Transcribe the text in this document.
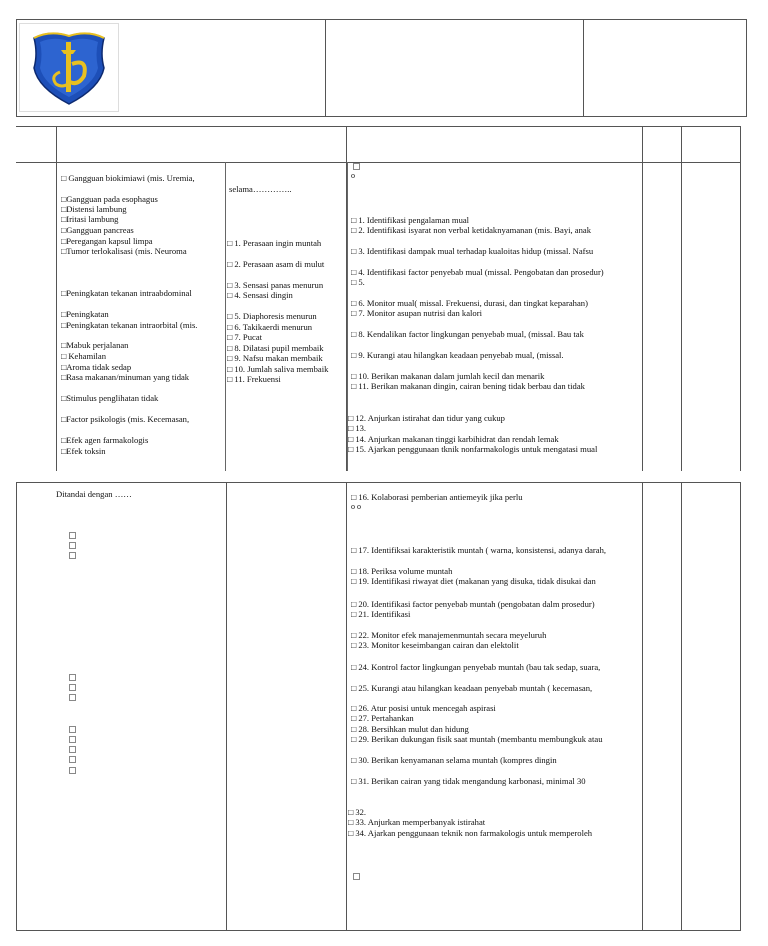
□ Gangguan biokimiawi (mis. Uremia,
□Gangguan pada esophagus
□Distensi lambung
□Iritasi lambung
□Gangguan pancreas
□Peregangan kapsul limpa
□Tumor terlokalisasi (mis. Neuroma
□Peningkatan tekanan intraabdominal
□Peningkatan
□Peningkatan tekanan intraorbital (mis.
□Mabuk perjalanan
□ Kehamilan
□Aroma tidak sedap
□Rasa makanan/minuman yang tidak
□Stimulus penglihatan tidak
□Factor psikologis (mis. Kecemasan,
□Efek agen farmakologis
□Efek toksin
selama…………..
□ 1. Perasaan ingin muntah
□ 2. Perasaan asam di mulut
□ 3. Sensasi panas menurun
□ 4. Sensasi dingin
□ 5. Diaphoresis menurun
□ 6. Takikaerdi menurun
□ 7. Pucat
□ 8. Dilatasi pupil membaik
□ 9. Nafsu makan membaik
□ 10. Jumlah saliva membaik
□ 11. Frekuensi
o
□ 1. Identifikasi pengalaman mual
□ 2. Identifikasi isyarat non verbal ketidaknyamanan (mis. Bayi, anak
□ 3. Identifikasi dampak mual terhadap kualoitas hidup (missal. Nafsu
□ 4. Identifikasi factor penyebab mual (missal. Pengobatan dan prosedur)
□ 5.
□ 6. Monitor mual( missal. Frekuensi, durasi, dan tingkat keparahan)
□ 7. Monitor asupan nutrisi dan kalori
□ 8. Kendalikan factor lingkungan penyebab mual, (missal. Bau tak
□ 9. Kurangi atau hilangkan keadaan penyebab mual, (missal.
□ 10. Berikan makanan dalam jumlah kecil dan menarik
□ 11. Berikan makanan dingin, cairan bening tidak berbau dan tidak
□ 12. Anjurkan istirahat dan tidur yang cukup
□ 13.
□ 14. Anjurkan makanan tinggi karbihidrat dan rendah lemak
□ 15. Ajarkan penggunaan tknik nonfarmakologis untuk mengatasi mual
Ditandai dengan ……	□ 16. Kolaborasi pemberian antiemeyik jika perlu
o o
□ 17. Identifiksai karakteristik muntah ( warna, konsistensi, adanya darah,
□ 18. Periksa volume muntah
□ 19. Identifikasi riwayat diet (makanan yang disuka, tidak disukai dan
□ 20. Identifikasi factor penyebab muntah (pengobatan dalm prosedur)
□ 21. Identifikasi
□ 22. Monitor efek manajemenmuntah secara meyeluruh
□ 23. Monitor keseimbangan cairan dan elektolit
□ 24. Kontrol factor lingkungan penyebab muntah (bau tak sedap, suara,
□ 25. Kurangi atau hilangkan keadaan penyebab muntah ( kecemasan,
□ 26. Atur posisi untuk mencegah aspirasi
□ 27. Pertahankan
□ 28. Bersihkan mulut dan hidung
□ 29. Berikan dukungan fisik saat muntah (membantu membungkuk atau
□ 30. Berikan kenyamanan selama muntah (kompres dingin
□ 31. Berikan cairan yang tidak mengandung karbonasi, minimal 30
□ 32.
□ 33. Anjurkan memperbanyak istirahat
□ 34. Ajarkan penggunaan teknik non farmakologis untuk memperoleh
